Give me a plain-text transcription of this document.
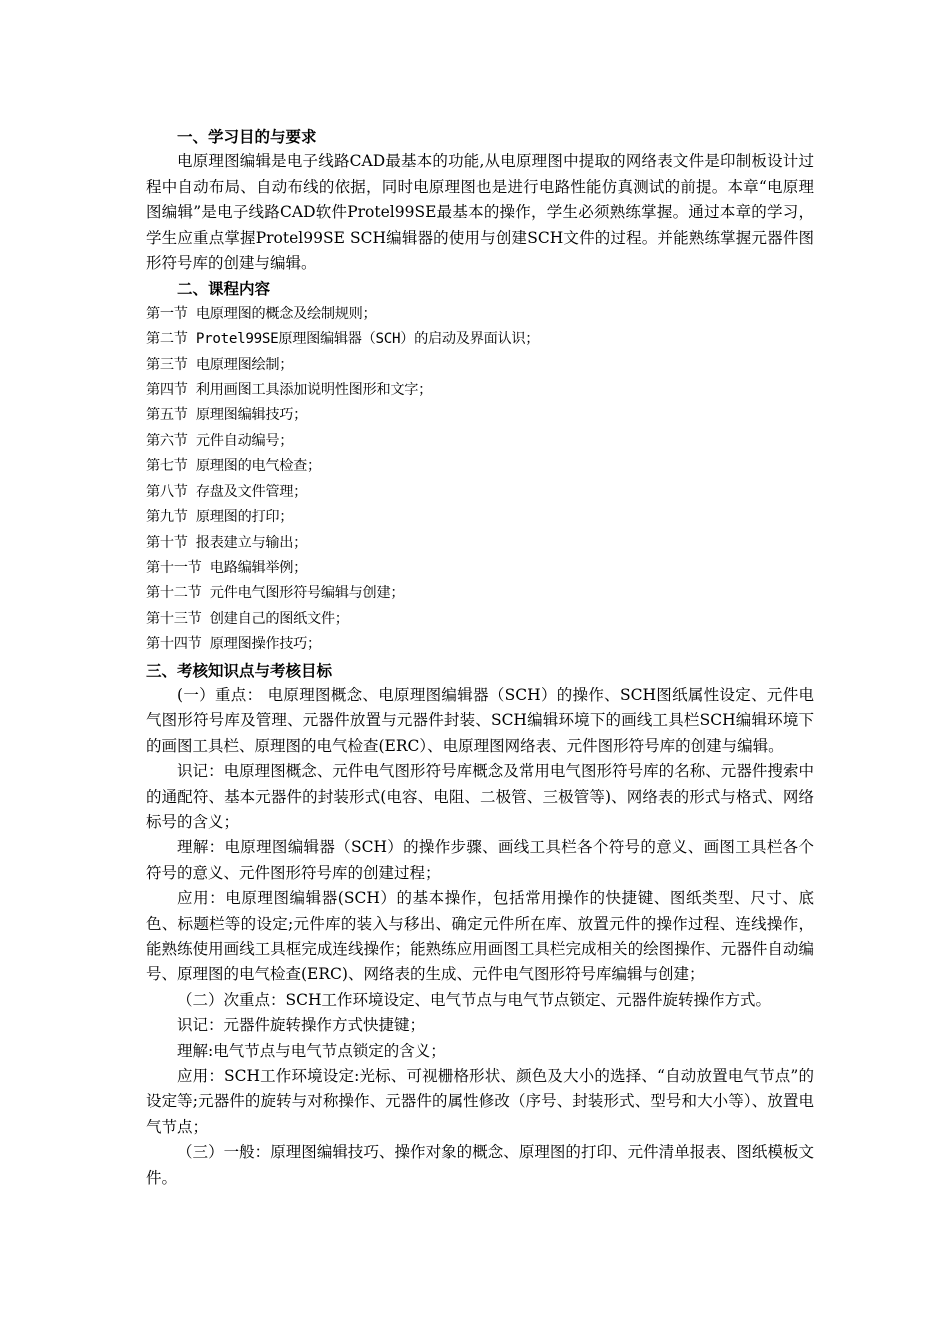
一、学习目的与要求

电原理图编辑是电子线路CAD最基本的功能,从电原理图中提取的网络表文件是印制板设计过程中自动布局、自动布线的依据，同时电原理图也是进行电路性能仿真测试的前提。本章“电原理图编辑”是电子线路CAD软件Protel99SE最基本的操作，学生必须熟练掌握。通过本章的学习，学生应重点掌握Protel99SE SCH编辑器的使用与创建SCH文件的过程。并能熟练掌握元器件图形符号库的创建与编辑。

二、课程内容
第一节 电原理图的概念及绘制规则；
第二节 Protel99SE原理图编辑器（SCH）的启动及界面认识；
第三节 电原理图绘制；
第四节 利用画图工具添加说明性图形和文字；
第五节 原理图编辑技巧；
第六节 元件自动编号；
第七节 原理图的电气检查；
第八节 存盘及文件管理；
第九节 原理图的打印；
第十节 报表建立与输出；
第十一节 电路编辑举例；
第十二节 元件电气图形符号编辑与创建；
第十三节 创建自己的图纸文件；
第十四节 原理图操作技巧；
三、考核知识点与考核目标

(一）重点： 电原理图概念、电原理图编辑器（SCH）的操作、SCH图纸属性设定、元件电气图形符号库及管理、元器件放置与元器件封装、SCH编辑环境下的画线工具栏SCH编辑环境下的画图工具栏、原理图的电气检查(ERC）、电原理图网络表、元件图形符号库的创建与编辑。

识记：电原理图概念、元件电气图形符号库概念及常用电气图形符号库的名称、元器件搜索中的通配符、基本元器件的封装形式(电容、电阻、二极管、三极管等)、网络表的形式与格式、网络标号的含义；

理解：电原理图编辑器（SCH）的操作步骤、画线工具栏各个符号的意义、画图工具栏各个符号的意义、元件图形符号库的创建过程；

应用：电原理图编辑器(SCH）的基本操作，包括常用操作的快捷键、图纸类型、尺寸、底色、标题栏等的设定;元件库的装入与移出、确定元件所在库、放置元件的操作过程、连线操作，能熟练使用画线工具框完成连线操作；能熟练应用画图工具栏完成相关的绘图操作、元器件自动编号、原理图的电气检查(ERC)、网络表的生成、元件电气图形符号库编辑与创建；

（二）次重点：SCH工作环境设定、电气节点与电气节点锁定、元器件旋转操作方式。

识记：元器件旋转操作方式快捷键；

理解:电气节点与电气节点锁定的含义；

应用：SCH工作环境设定:光标、可视栅格形状、颜色及大小的选择、“自动放置电气节点”的设定等;元器件的旋转与对称操作、元器件的属性修改（序号、封装形式、型号和大小等）、放置电气节点；

（三）一般：原理图编辑技巧、操作对象的概念、原理图的打印、元件清单报表、图纸模板文件。
